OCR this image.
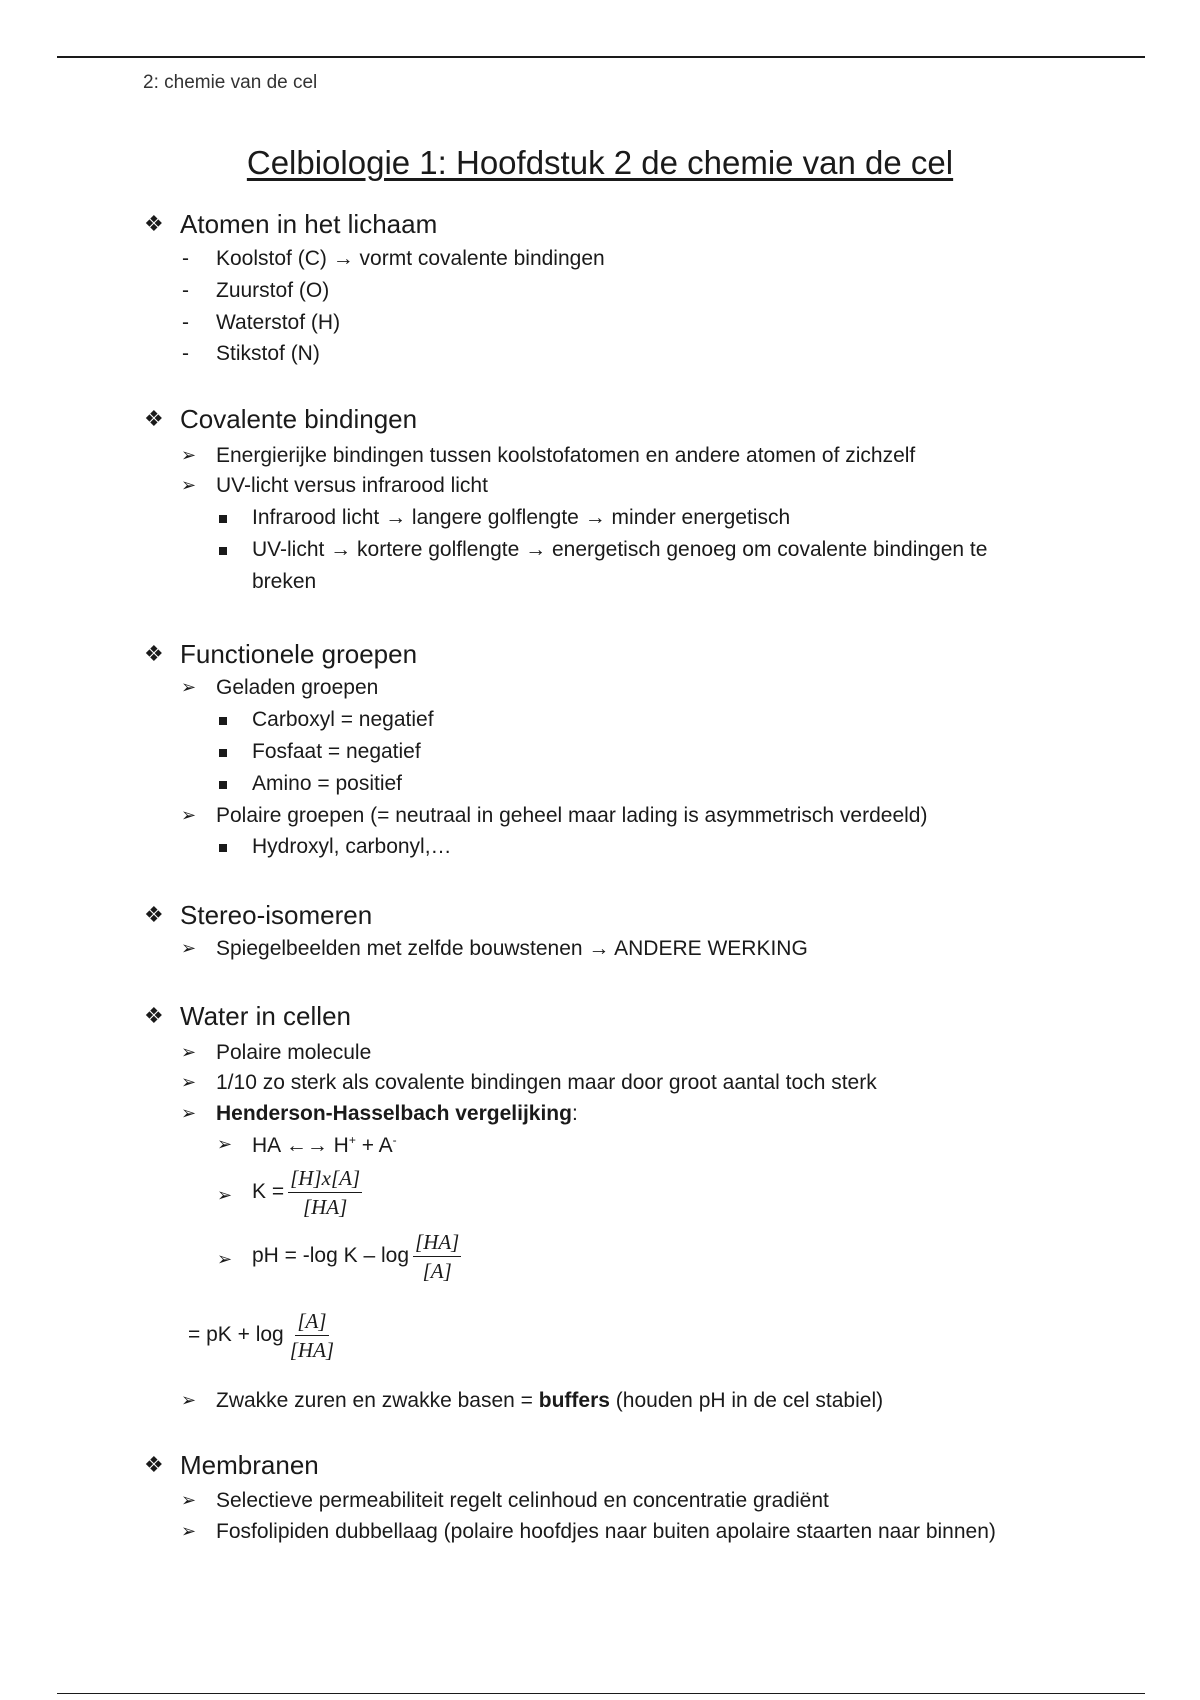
2: chemie van de cel
Celbiologie 1: Hoofdstuk 2 de chemie van de cel
❖ Atomen in het lichaam
- Koolstof (C) → vormt covalente bindingen
- Zuurstof (O)
- Waterstof (H)
- Stikstof (N)
❖ Covalente bindingen
➢ Energierijke bindingen tussen koolstofatomen en andere atomen of zichzelf
➢ UV-licht versus infrarood licht
Infrarood licht → langere golflengte → minder energetisch
UV-licht → kortere golflengte → energetisch genoeg om covalente bindingen te
breken
❖ Functionele groepen
➢ Geladen groepen
Carboxyl = negatief
Fosfaat = negatief
Amino = positief
➢ Polaire groepen (= neutraal in geheel maar lading is asymmetrisch verdeeld)
Hydroxyl, carbonyl,…
❖ Stereo-isomeren
➢ Spiegelbeelden met zelfde bouwstenen → ANDERE WERKING
❖ Water in cellen
➢ Polaire molecule
➢ 1/10 zo sterk als covalente bindingen maar door groot aantal toch sterk
➢ Henderson-Hasselbach vergelijking:
➢ HA ←→ H+ + A-
➢ $K = \frac{[H]x[A]}{[HA]}$
➢ pH = -log K – $\log \frac{[HA]}{[A]}$
= pK + $\log \frac{[A]}{[HA]}$
➢ Zwakke zuren en zwakke basen = buffers (houden pH in de cel stabiel)
❖ Membranen
➢ Selectieve permeabiliteit regelt celinhoud en concentratie gradiënt
➢ Fosfolipiden dubbellaag (polaire hoofdjes naar buiten apolaire staarten naar binnen)
